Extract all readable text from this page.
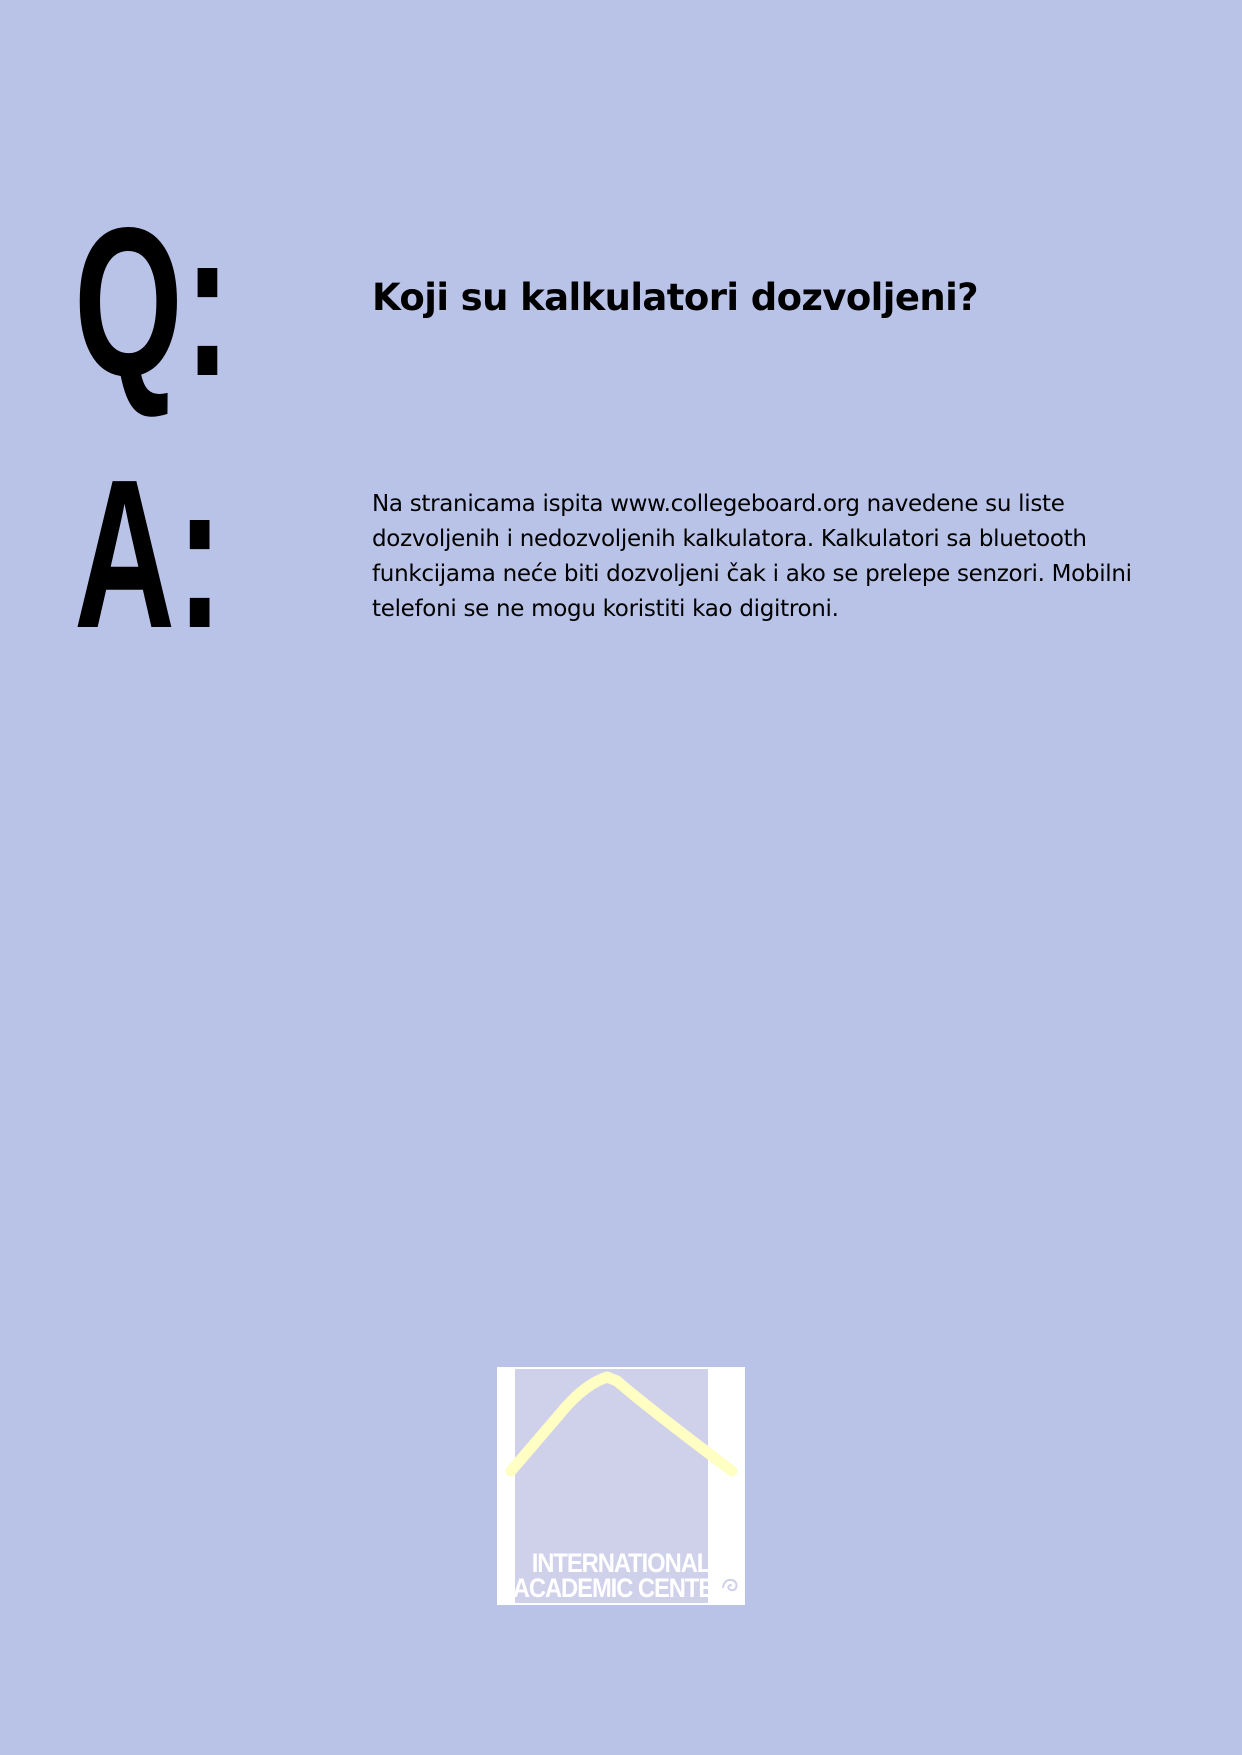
Q:	Koji su kalkulatori dozvoljeni?
A:	Na stranicama ispita www.collegeboard.org navedene su liste dozvoljenih i nedozvoljenih kalkulatora. Kalkulatori sa bluetooth funkcijama neće biti dozvoljeni čak i ako se prelepe senzori. Mobilni telefoni se ne mogu koristiti kao digitroni.
INTERNATIONAL
ACADEMIC CENTER
